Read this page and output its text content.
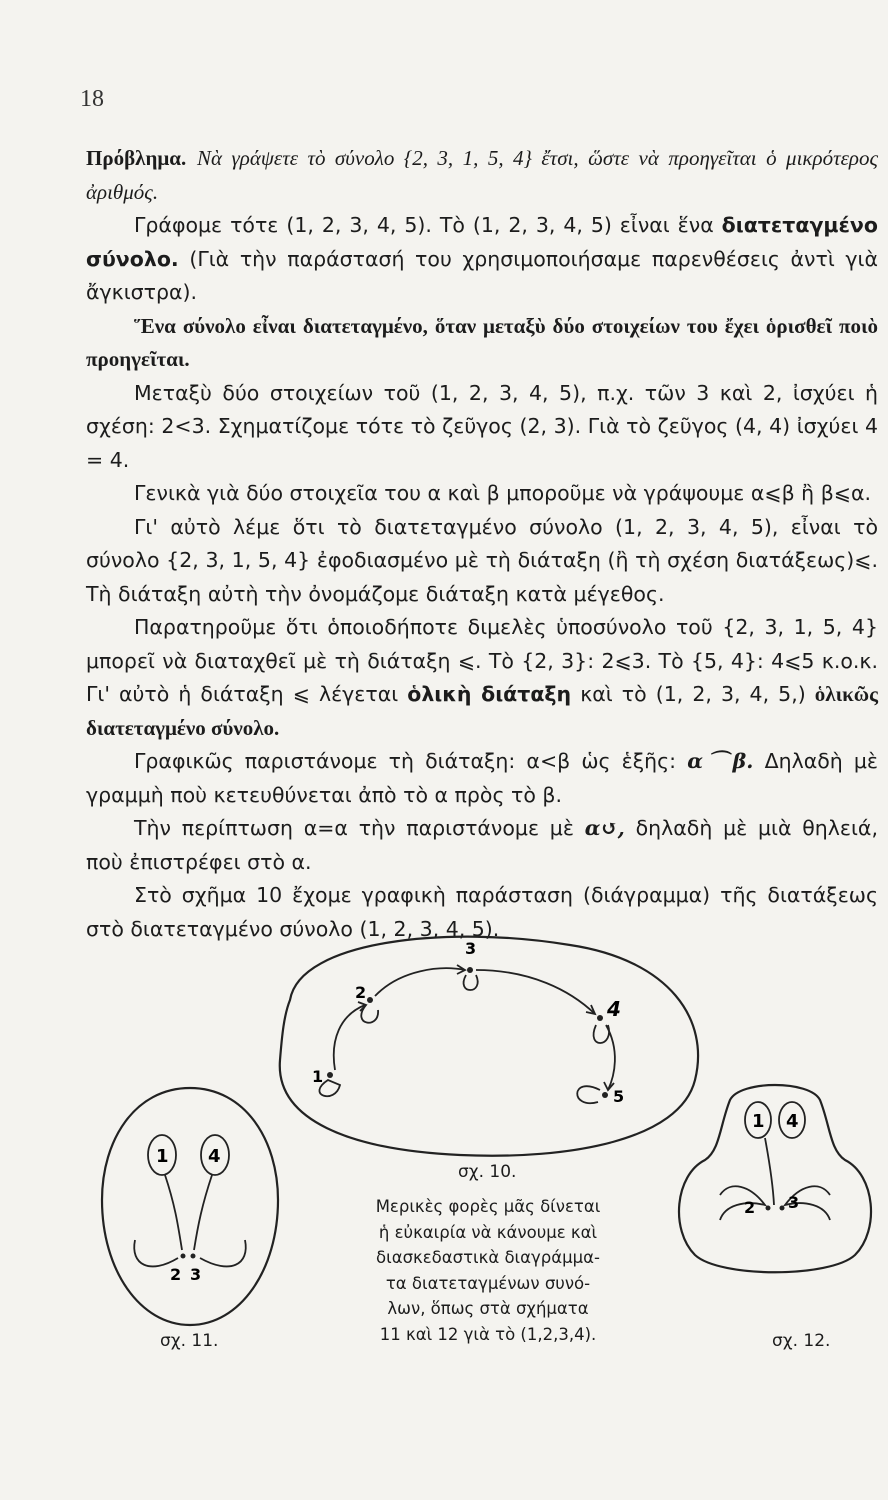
18

Πρόβλημα. Νὰ γράψετε τὸ σύνολο {2, 3, 1, 5, 4} ἔτσι, ὥστε νὰ προηγεῖται ὁ μικρότερος ἀριθμός.

Γράφομε τότε (1, 2, 3, 4, 5). Τὸ (1, 2, 3, 4, 5) εἶναι ἕνα διατεταγμένο σύνολο. (Γιὰ τὴν παράστασή του χρησιμοποιήσαμε παρενθέσεις ἀντὶ γιὰ ἄγκιστρα).

Ἕνα σύνολο εἶναι διατεταγμένο, ὅταν μεταξὺ δύο στοιχείων του ἔχει ὁρισθεῖ ποιὸ προηγεῖται.

Μεταξὺ δύο στοιχείων τοῦ (1, 2, 3, 4, 5), π.χ. τῶν 3 καὶ 2, ἰσχύει ἡ σχέση: 2<3. Σχηματίζομε τότε τὸ ζεῦγος (2, 3). Γιὰ τὸ ζεῦγος (4, 4) ἰσχύει 4 = 4.

Γενικὰ γιὰ δύο στοιχεῖα του α καὶ β μποροῦμε νὰ γράψουμε α⩽β ἢ β⩽α.

Γι' αὐτὸ λέμε ὅτι τὸ διατεταγμένο σύνολο (1, 2, 3, 4, 5), εἶναι τὸ σύνολο {2, 3, 1, 5, 4} ἐφοδιασμένο μὲ τὴ διάταξη (ἢ τὴ σχέση διατάξεως)⩽. Τὴ διάταξη αὐτὴ τὴν ὀνομάζομε διάταξη κατὰ μέγεθος.

Παρατηροῦμε ὅτι ὁποιοδήποτε διμελὲς ὑποσύνολο τοῦ {2, 3, 1, 5, 4} μπορεῖ νὰ διαταχθεῖ μὲ τὴ διάταξη ⩽. Τὸ {2, 3}: 2⩽3. Τὸ {5, 4}: 4⩽5 κ.ο.κ. Γι' αὐτὸ ἡ διάταξη ⩽ λέγεται ὁλικὴ διάταξη καὶ τὸ (1, 2, 3, 4, 5,) ὁλικῶς διατεταγμένο σύνολο.

Γραφικῶς παριστάνομε τὴ διάταξη: α<β ὡς ἑξῆς: α⌒β. Δηλαδὴ μὲ γραμμὴ ποὺ κετευθύνεται ἀπὸ τὸ α πρὸς τὸ β.

Τὴν περίπτωση α=α τὴν παριστάνομε μὲ α↺, δηλαδὴ μὲ μιὰ θηλειά, ποὺ ἐπιστρέφει στὸ α.

Στὸ σχῆμα 10 ἔχομε γραφικὴ παράσταση (διάγραμμα) τῆς διατάξεως στὸ διατεταγμένο σύνολο (1, 2, 3, 4, 5).

1
2
3
4
5
σχ. 10.
1 4
2 3
σχ. 11.
1 4
2 3
σχ. 12.
Μερικὲς φορὲς μᾶς δίνεται
ἡ εὐκαιρία νὰ κάνουμε καὶ
διασκεδαστικὰ διαγράμμα-
τα διατεταγμένων συνό-
λων, ὅπως στὰ σχήματα
11 καὶ 12 γιὰ τὸ (1,2,3,4).
